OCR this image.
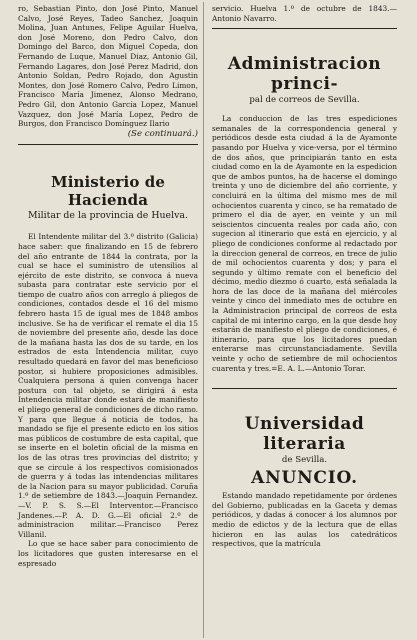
ro, Sebastian Pinto, don José Pinto, Manuel Calvo, José Reyes, Tadeo Sanchez, Joaquin Molina, Juan Antunes, Felipe Aguilar Huelva, don José Moreno, don Pedro Calvo, don Domingo del Barco, don Miguel Copeda, don Fernando de Luque, Manuel Diaz, Antonio Gil, Fernando Lagares, don José Perez Madrid, don Antonio Soldan, Pedro Rojado, don Agustin Montes, don José Romero Calvo, Pedro Limon, Francisco María Jimenez, Alonso Medrano, Pedro Gil, don Antonio García Lopez, Manuel Vazquez, don José María Lopez, Pedro de Burgos, don Francisco Domínguez Ilario

(Se continuará.)
Ministerio de Hacienda
Militar de la provincia de Huelva.

El Intendente militar del 3.º distrito (Galicia) hace saber: que finalizando en 15 de febrero del año entrante de 1844 la contrata, por la cual se hace el suministro de utensilios al ejército de este distrito, se convoca á nueva subasta para contratar este servicio por el tiempo de cuatro años con arreglo á pliegos de condiciones, contados desde el 16 del mismo febrero hasta 15 de igual mes de 1848 ambos inclusive. Se ha de verificar el remate el dia 15 de noviembre del presente año, desde las doce de la mañana hasta las dos de su tarde, en los estrados de esta Intendencia militar, cuyo resultado quedará en favor del mas beneficioso postor, si hubiere proposiciones admisibles. Cualquiera persona á quien convenga hacer postura con tal objeto, se dirigirá á esta Intendencia militar donde estará de manifiesto el pliego general de condiciones de dicho ramo. Y para que llegue á noticia de todos, ha mandado se fije el presente edicto en los sitios mas públicos de costumbre de esta capital, que se inserte en el boletin oficial de la misma en los de las otras tres provincias del distrito; y que se circule á los respectivos comisionados de guerra y á todas las intendencias militares de la Nacion para su mayor publicidad. Coruña 1.º de setiembre de 1843.—Joaquin Fernandez.—V. P. S. S.—El Interventor.—Francisco Jandenes.—P. A. D. G.—El oficial 2.º de administracion militar.—Francisco Perez Villanil.

Lo que se hace saber para conocimiento de los licitadores que gusten interesarse en el espresado

servicio. Huelva 1.º de octubre de 1843.—Antonio Navarro.

Administracion princi-
pal de correos de Sevilla.

La conduccion de las tres espediciones semanales de la correspondencia general y periódicos desde esta ciudad á la de Ayamonte pasando por Huelva y vice-versa, por el término de dos años, que principiarán tanto en esta ciudad como en la de Ayamonte en la espedicion que de ambos puntos, ha de hacerse el domingo treinta y uno de diciembre del año corriente, y concluirá en la última del mismo mes de mil ochocientos cuarenta y cinco, se ha rematado de primero el dia de ayer, en veinte y un mil seiscientos cincuenta reales por cada año, con sugecion al itinerario que está en ejercicio, y al pliego de condiciones conforme al redactado por la direccion general de correos, en trece de julio de mil ochocientos cuarenta y dos; y para el segundo y último remate con el beneficio del décimo, medio diezmo ó cuarto, está señalada la hora de las doce de la mañana del miércoles veinte y cinco del inmediato mes de octubre en la Administracion principal de correos de esta capital de mi interino cargo, en la que desde hoy estarán de manifiesto el pliego de condiciones, é itinerario, para que los licitadores puedan enterarse mas circunstanciadamente. Sevilla veinte y ocho de setiembre de mil ochocientos cuarenta y tres.=E. A. L.—Antonio Torar.

Universidad literaria
de Sevilla.
ANUNCIO.

Estando mandado repetidamente por órdenes del Gobierno, publicadas en la Gaceta y demas periódicos, y dadas á conocer á los alumnos por medio de edictos y de la lectura que de ellas hicieron en las aulas los catedráticos respectivos, que la matrícula
